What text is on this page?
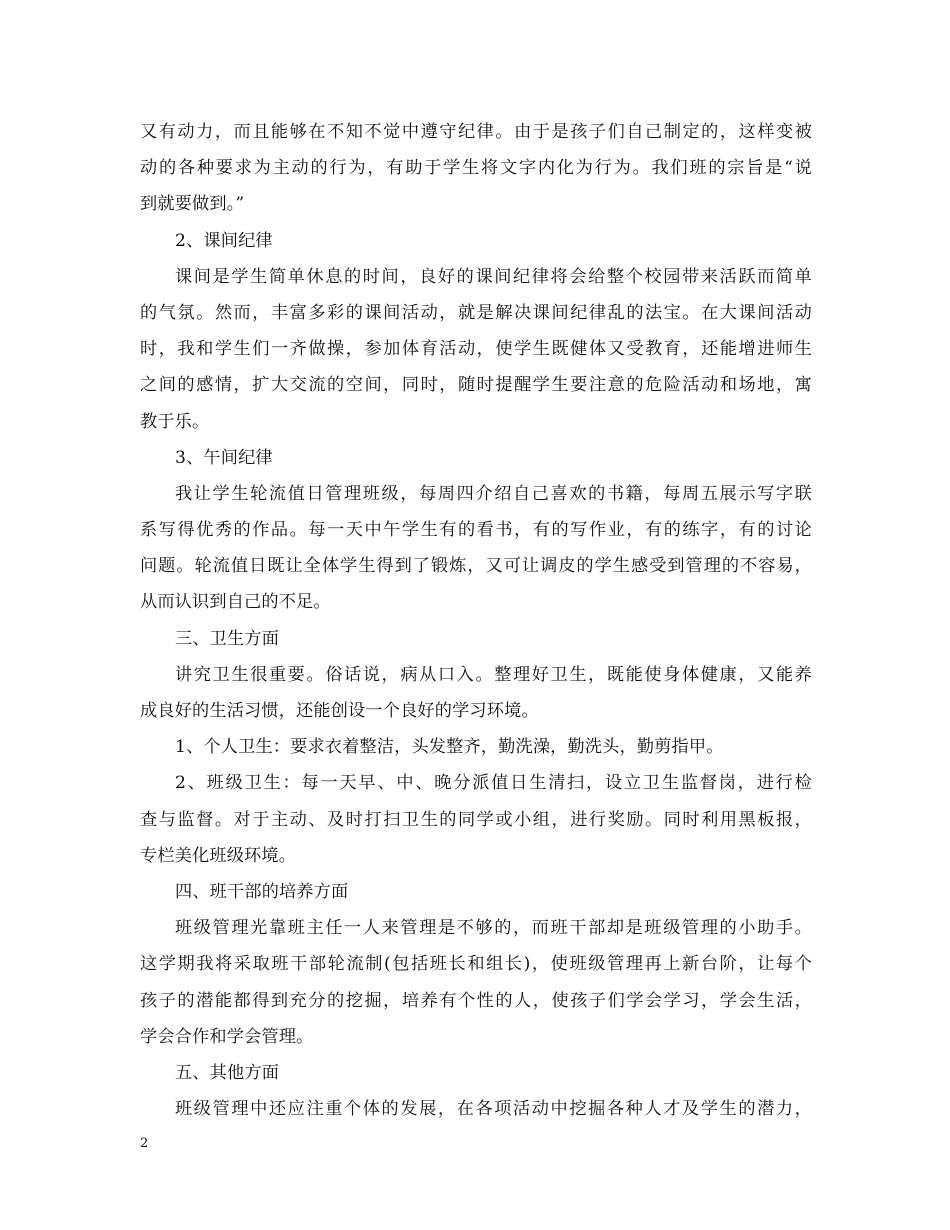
又有动力，而且能够在不知不觉中遵守纪律。由于是孩子们自己制定的，这样变被
动的各种要求为主动的行为，有助于学生将文字内化为行为。我们班的宗旨是“说
到就要做到。”
2、课间纪律
课间是学生简单休息的时间，良好的课间纪律将会给整个校园带来活跃而简单
的气氛。然而，丰富多彩的课间活动，就是解决课间纪律乱的法宝。在大课间活动
时，我和学生们一齐做操，参加体育活动，使学生既健体又受教育，还能增进师生
之间的感情，扩大交流的空间，同时，随时提醒学生要注意的危险活动和场地，寓
教于乐。
3、午间纪律
我让学生轮流值日管理班级，每周四介绍自己喜欢的书籍，每周五展示写字联
系写得优秀的作品。每一天中午学生有的看书，有的写作业，有的练字，有的讨论
问题。轮流值日既让全体学生得到了锻炼，又可让调皮的学生感受到管理的不容易，
从而认识到自己的不足。
三、卫生方面
讲究卫生很重要。俗话说，病从口入。整理好卫生，既能使身体健康，又能养
成良好的生活习惯，还能创设一个良好的学习环境。
1、个人卫生：要求衣着整洁，头发整齐，勤洗澡，勤洗头，勤剪指甲。
2、班级卫生：每一天早、中、晚分派值日生清扫，设立卫生监督岗，进行检
查与监督。对于主动、及时打扫卫生的同学或小组，进行奖励。同时利用黑板报，
专栏美化班级环境。
四、班干部的培养方面
班级管理光靠班主任一人来管理是不够的，而班干部却是班级管理的小助手。
这学期我将采取班干部轮流制(包括班长和组长)，使班级管理再上新台阶，让每个
孩子的潜能都得到充分的挖掘，培养有个性的人，使孩子们学会学习，学会生活，
学会合作和学会管理。
五、其他方面
班级管理中还应注重个体的发展，在各项活动中挖掘各种人才及学生的潜力，
2
